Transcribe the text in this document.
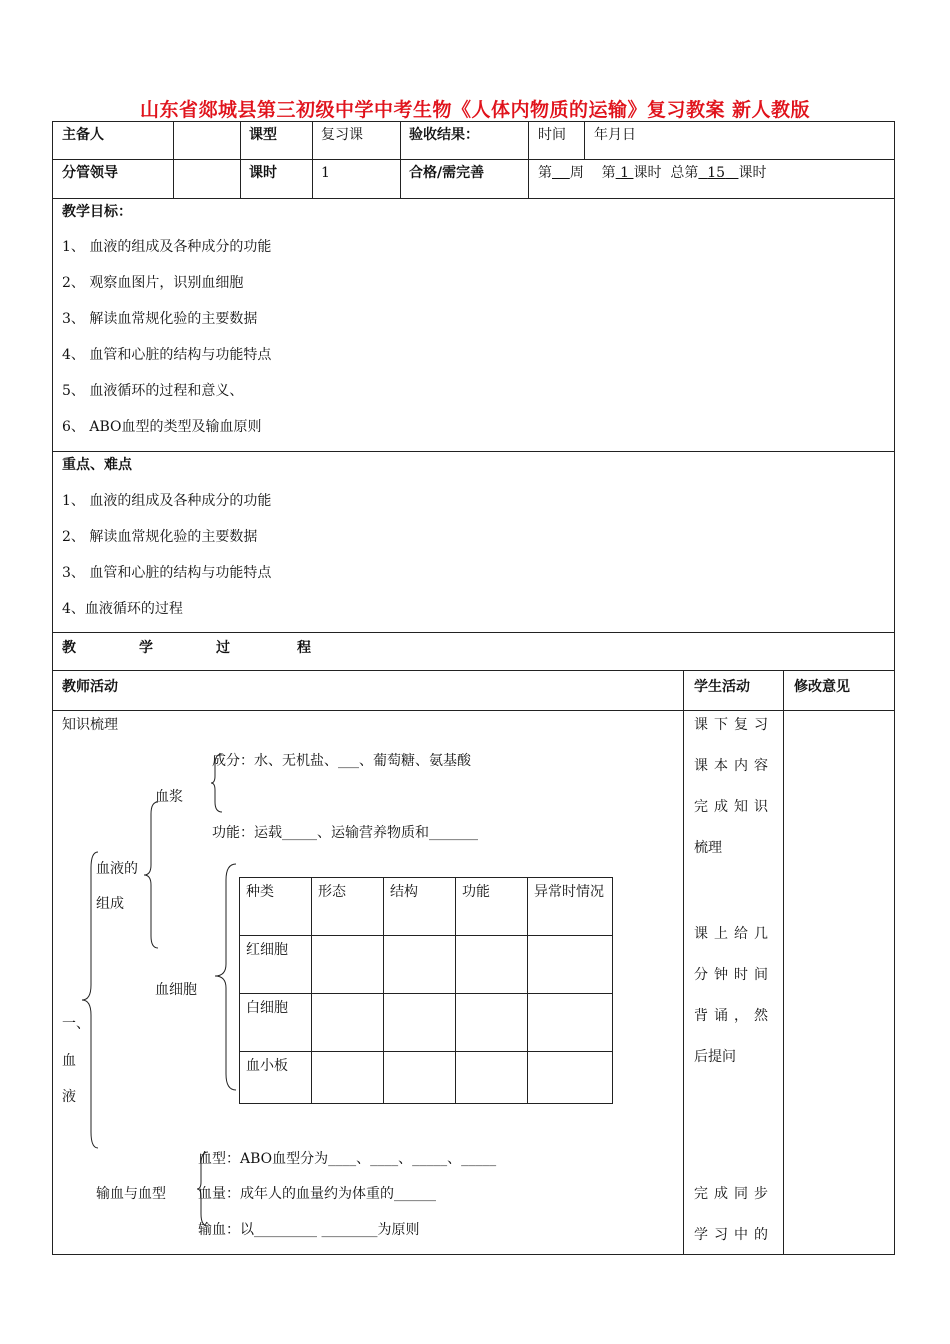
山东省郯城县第三初级中学中考生物《人体内物质的运输》复习教案 新人教版
主备人	课型	复习课	验收结果：	时间 年月日
分管领导	课时	1	合格/需完善	第 周 第 1 课时 总第 15 课时
教学目标：
1、 血液的组成及各种成分的功能
2、 观察血图片，识别血细胞
3、 解读血常规化验的主要数据
4、 血管和心脏的结构与功能特点
5、 血液循环的过程和意义、
6、 ABO血型的类型及输血原则
重点、难点
1、 血液的组成及各种成分的功能
2、 解读血常规化验的主要数据
3、 血管和心脏的结构与功能特点
4、血液循环的过程
教	学	过	程
教师活动	学生活动	修改意见
知识梳理
成分：水、无机盐、___、葡萄糖、氨基酸
血浆
功能：运载_____、运输营养物质和_______
血液的
组成
血细胞
一、
血
液
种类	形态	结构	功能	异常时情况
红细胞				
白细胞				
血小板				
血型：ABO血型分为____、____、_____、_____
输血与血型 血量：成年人的血量约为体重的______
输血：以_________ ________为原则
课下复习
课本内容
完成知识
梳理
课上给几
分钟时间
背诵，然
后提问
完成同步
学习中的
